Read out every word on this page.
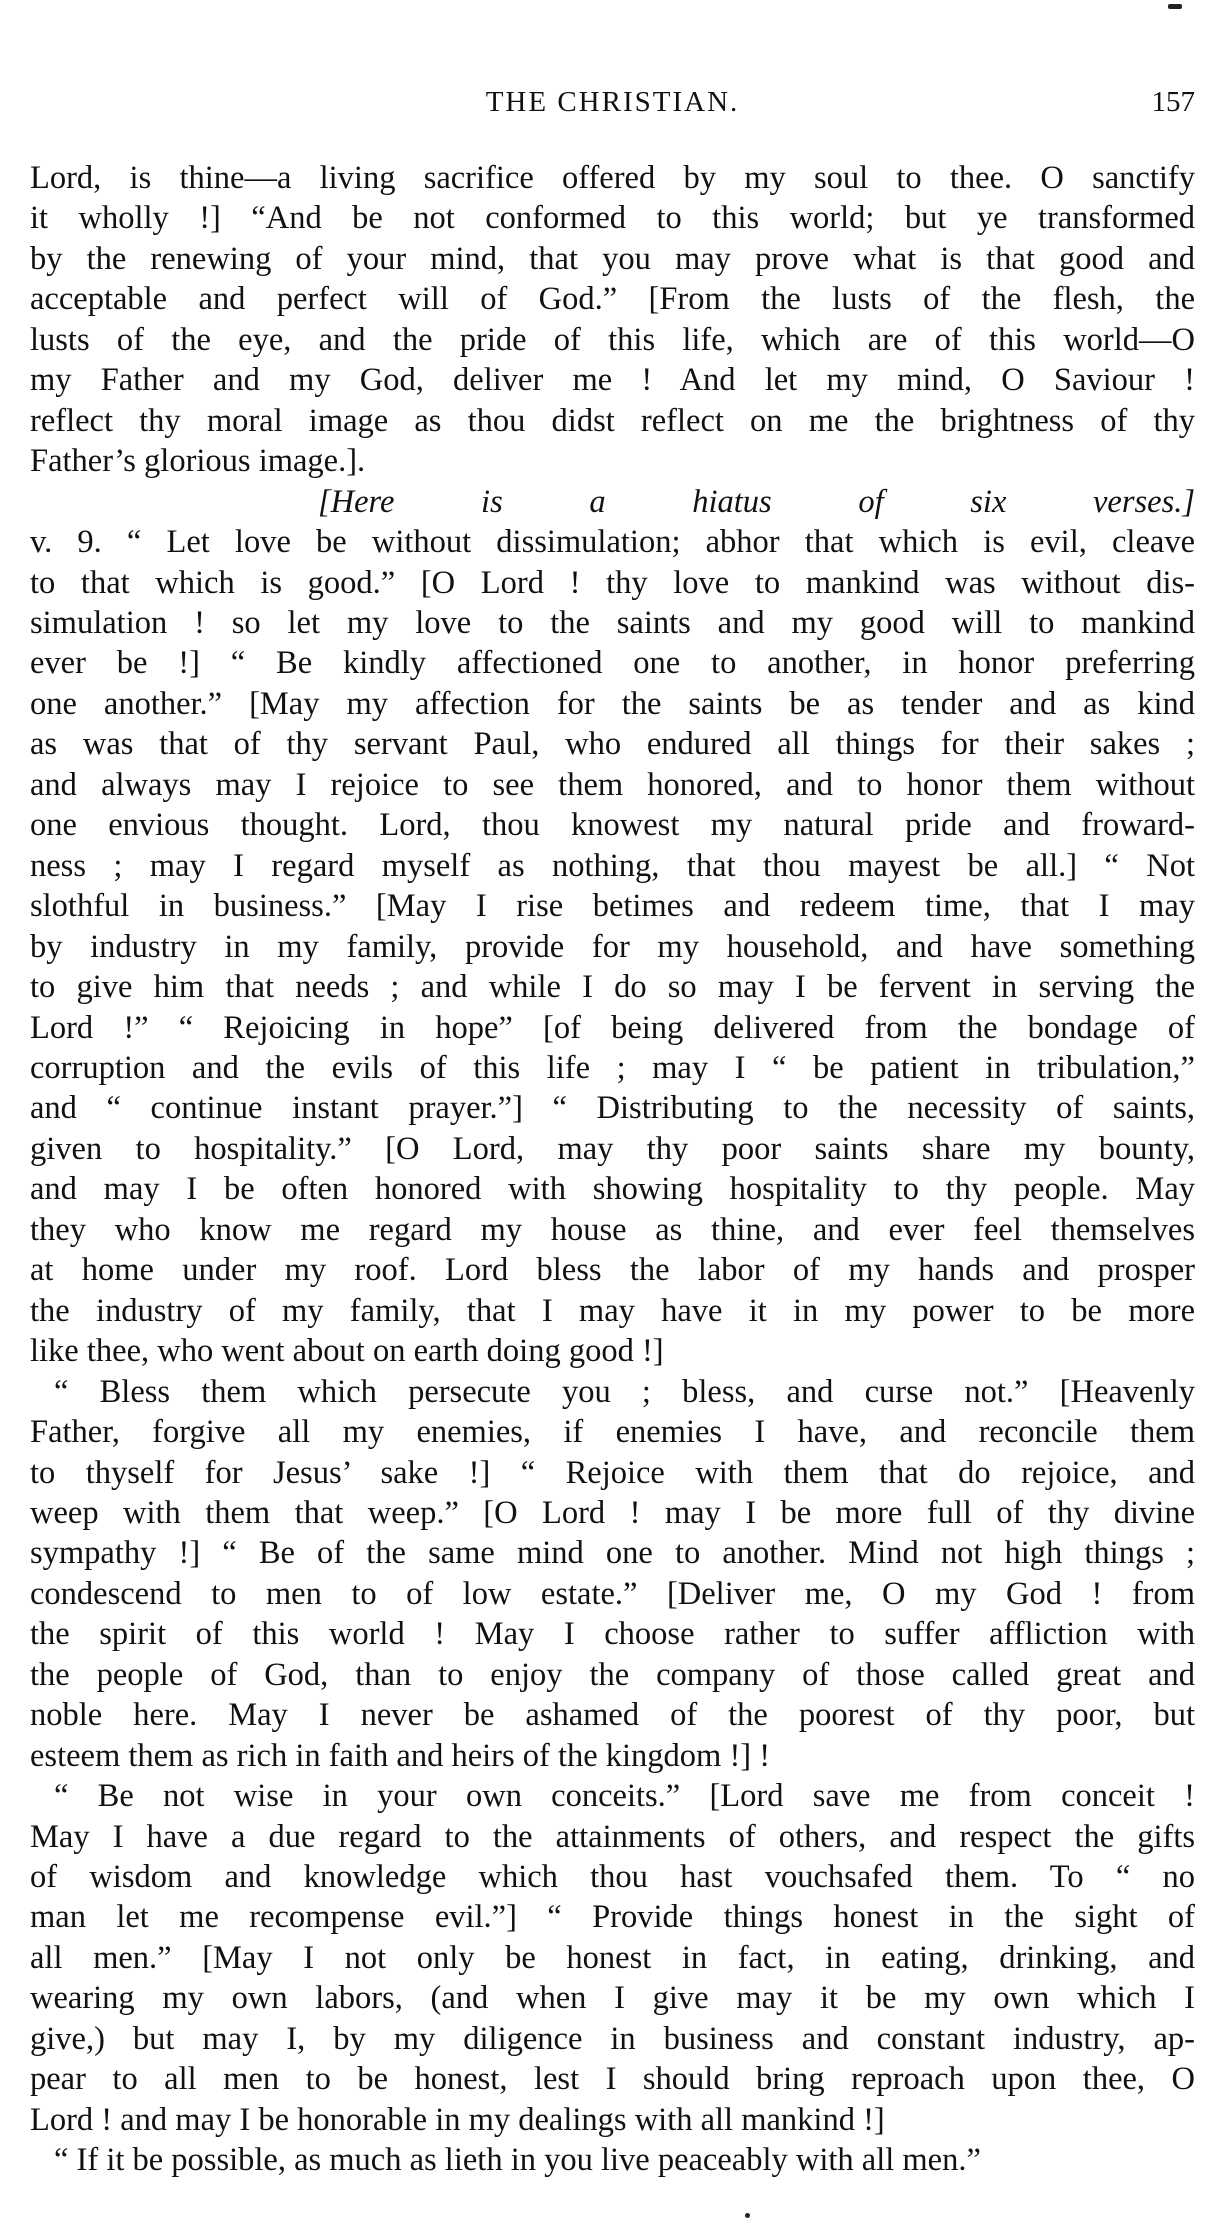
THE CHRISTIAN.	157

Lord, is thine—a living sacrifice offered by my soul to thee. O sanctify

it wholly !] “And be not conformed to this world; but ye transformed

by the renewing of your mind, that you may prove what is that good and

acceptable and perfect will of God.” [From the lusts of the flesh, the

lusts of the eye, and the pride of this life, which are of this world—O

my Father and my God, deliver me ! And let my mind, O Saviour !

reflect thy moral image as thou didst reflect on me the brightness of thy

Father’s glorious image.].

[Here is a hiatus of six verses.]

v. 9. “ Let love be without dissimulation; abhor that which is evil, cleave

to that which is good.” [O Lord ! thy love to mankind was without dis-

simulation ! so let my love to the saints and my good will to mankind

ever be !] “ Be kindly affectioned one to another, in honor preferring

one another.” [May my affection for the saints be as tender and as kind

as was that of thy servant Paul, who endured all things for their sakes ;

and always may I rejoice to see them honored, and to honor them without

one envious thought. Lord, thou knowest my natural pride and froward-

ness ; may I regard myself as nothing, that thou mayest be all.] “ Not

slothful in business.” [May I rise betimes and redeem time, that I may

by industry in my family, provide for my household, and have something

to give him that needs ; and while I do so may I be fervent in serving the

Lord !” “ Rejoicing in hope” [of being delivered from the bondage of

corruption and the evils of this life ; may I “ be patient in tribulation,”

and “ continue instant prayer.”] “ Distributing to the necessity of saints,

given to hospitality.” [O Lord, may thy poor saints share my bounty,

and may I be often honored with showing hospitality to thy people. May

they who know me regard my house as thine, and ever feel themselves

at home under my roof. Lord bless the labor of my hands and prosper

the industry of my family, that I may have it in my power to be more

like thee, who went about on earth doing good !]

“ Bless them which persecute you ; bless, and curse not.” [Heavenly

Father, forgive all my enemies, if enemies I have, and reconcile them

to thyself for Jesus’ sake !] “ Rejoice with them that do rejoice, and

weep with them that weep.” [O Lord ! may I be more full of thy divine

sympathy !] “ Be of the same mind one to another. Mind not high things ;

condescend to men to of low estate.” [Deliver me, O my God ! from

the spirit of this world ! May I choose rather to suffer affliction with

the people of God, than to enjoy the company of those called great and

noble here. May I never be ashamed of the poorest of thy poor, but

esteem them as rich in faith and heirs of the kingdom !] !

“ Be not wise in your own conceits.” [Lord save me from conceit !

May I have a due regard to the attainments of others, and respect the gifts

of wisdom and knowledge which thou hast vouchsafed them. To “ no

man let me recompense evil.”] “ Provide things honest in the sight of

all men.” [May I not only be honest in fact, in eating, drinking, and

wearing my own labors, (and when I give may it be my own which I

give,) but may I, by my diligence in business and constant industry, ap-

pear to all men to be honest, lest I should bring reproach upon thee, O

Lord ! and may I be honorable in my dealings with all mankind !]

“ If it be possible, as much as lieth in you live peaceably with all men.”
